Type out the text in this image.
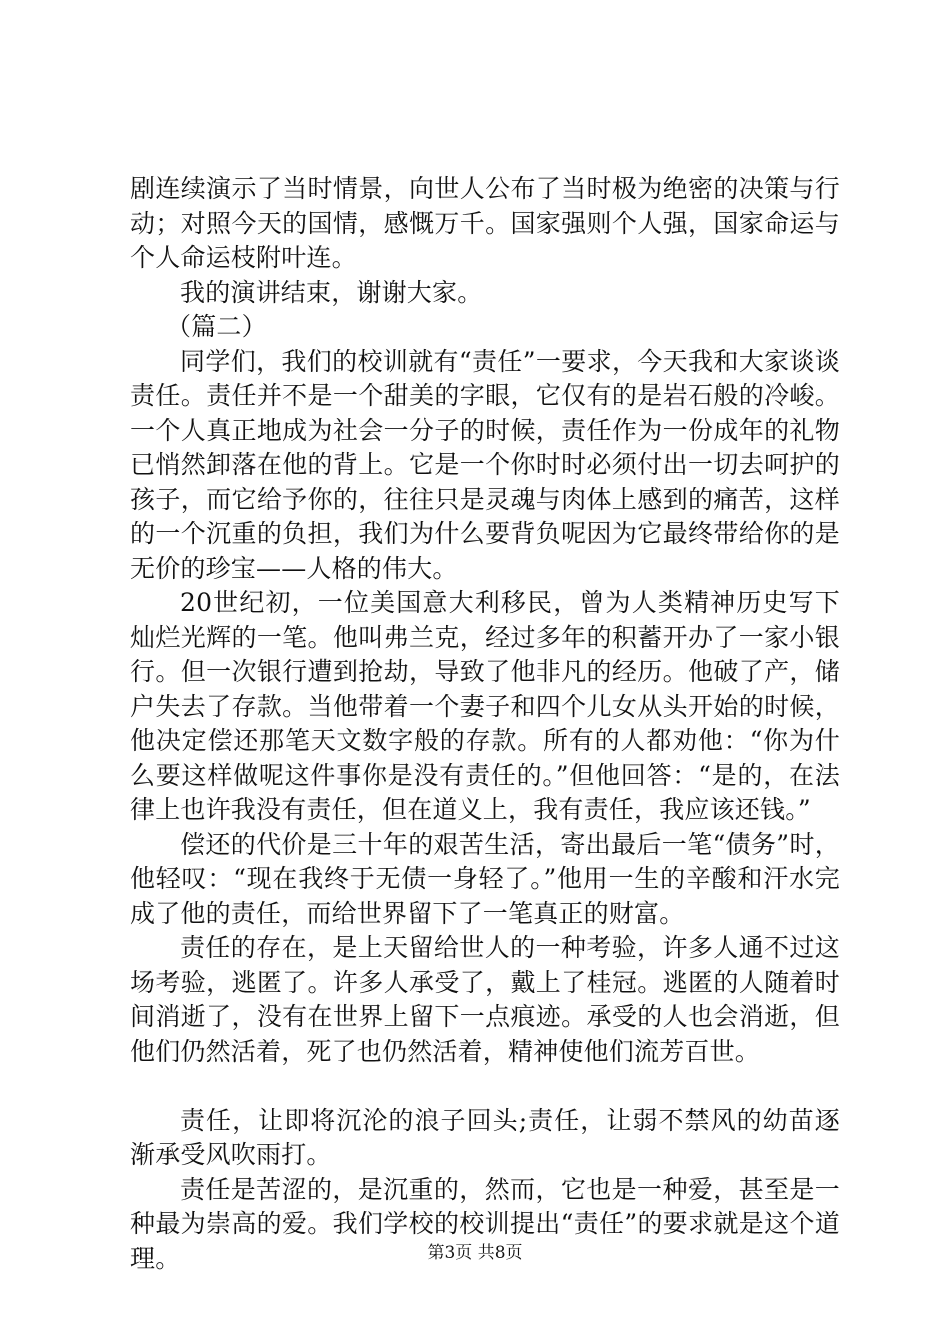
剧连续演示了当时情景，向世人公布了当时极为绝密的决策与行动；对照今天的国情，感慨万千。国家强则个人强，国家命运与个人命运枝附叶连。

我的演讲结束，谢谢大家。

（篇二）

同学们，我们的校训就有“责任”一要求，今天我和大家谈谈责任。责任并不是一个甜美的字眼，它仅有的是岩石般的冷峻。一个人真正地成为社会一分子的时候，责任作为一份成年的礼物已悄然卸落在他的背上。它是一个你时时必须付出一切去呵护的孩子，而它给予你的，往往只是灵魂与肉体上感到的痛苦，这样的一个沉重的负担，我们为什么要背负呢因为它最终带给你的是无价的珍宝——人格的伟大。

20世纪初，一位美国意大利移民，曾为人类精神历史写下灿烂光辉的一笔。他叫弗兰克，经过多年的积蓄开办了一家小银行。但一次银行遭到抢劫，导致了他非凡的经历。他破了产，储户失去了存款。当他带着一个妻子和四个儿女从头开始的时候，他决定偿还那笔天文数字般的存款。所有的人都劝他：“你为什么要这样做呢这件事你是没有责任的。”但他回答：“是的，在法律上也许我没有责任，但在道义上，我有责任，我应该还钱。”

偿还的代价是三十年的艰苦生活，寄出最后一笔“债务”时，他轻叹：“现在我终于无债一身轻了。”他用一生的辛酸和汗水完成了他的责任，而给世界留下了一笔真正的财富。

责任的存在，是上天留给世人的一种考验，许多人通不过这场考验，逃匿了。许多人承受了，戴上了桂冠。逃匿的人随着时间消逝了，没有在世界上留下一点痕迹。承受的人也会消逝，但他们仍然活着，死了也仍然活着，精神使他们流芳百世。

责任，让即将沉沦的浪子回头;责任，让弱不禁风的幼苗逐渐承受风吹雨打。

责任是苦涩的，是沉重的，然而，它也是一种爱，甚至是一种最为崇高的爱。我们学校的校训提出“责任”的要求就是这个道理。	第3页 共8页
